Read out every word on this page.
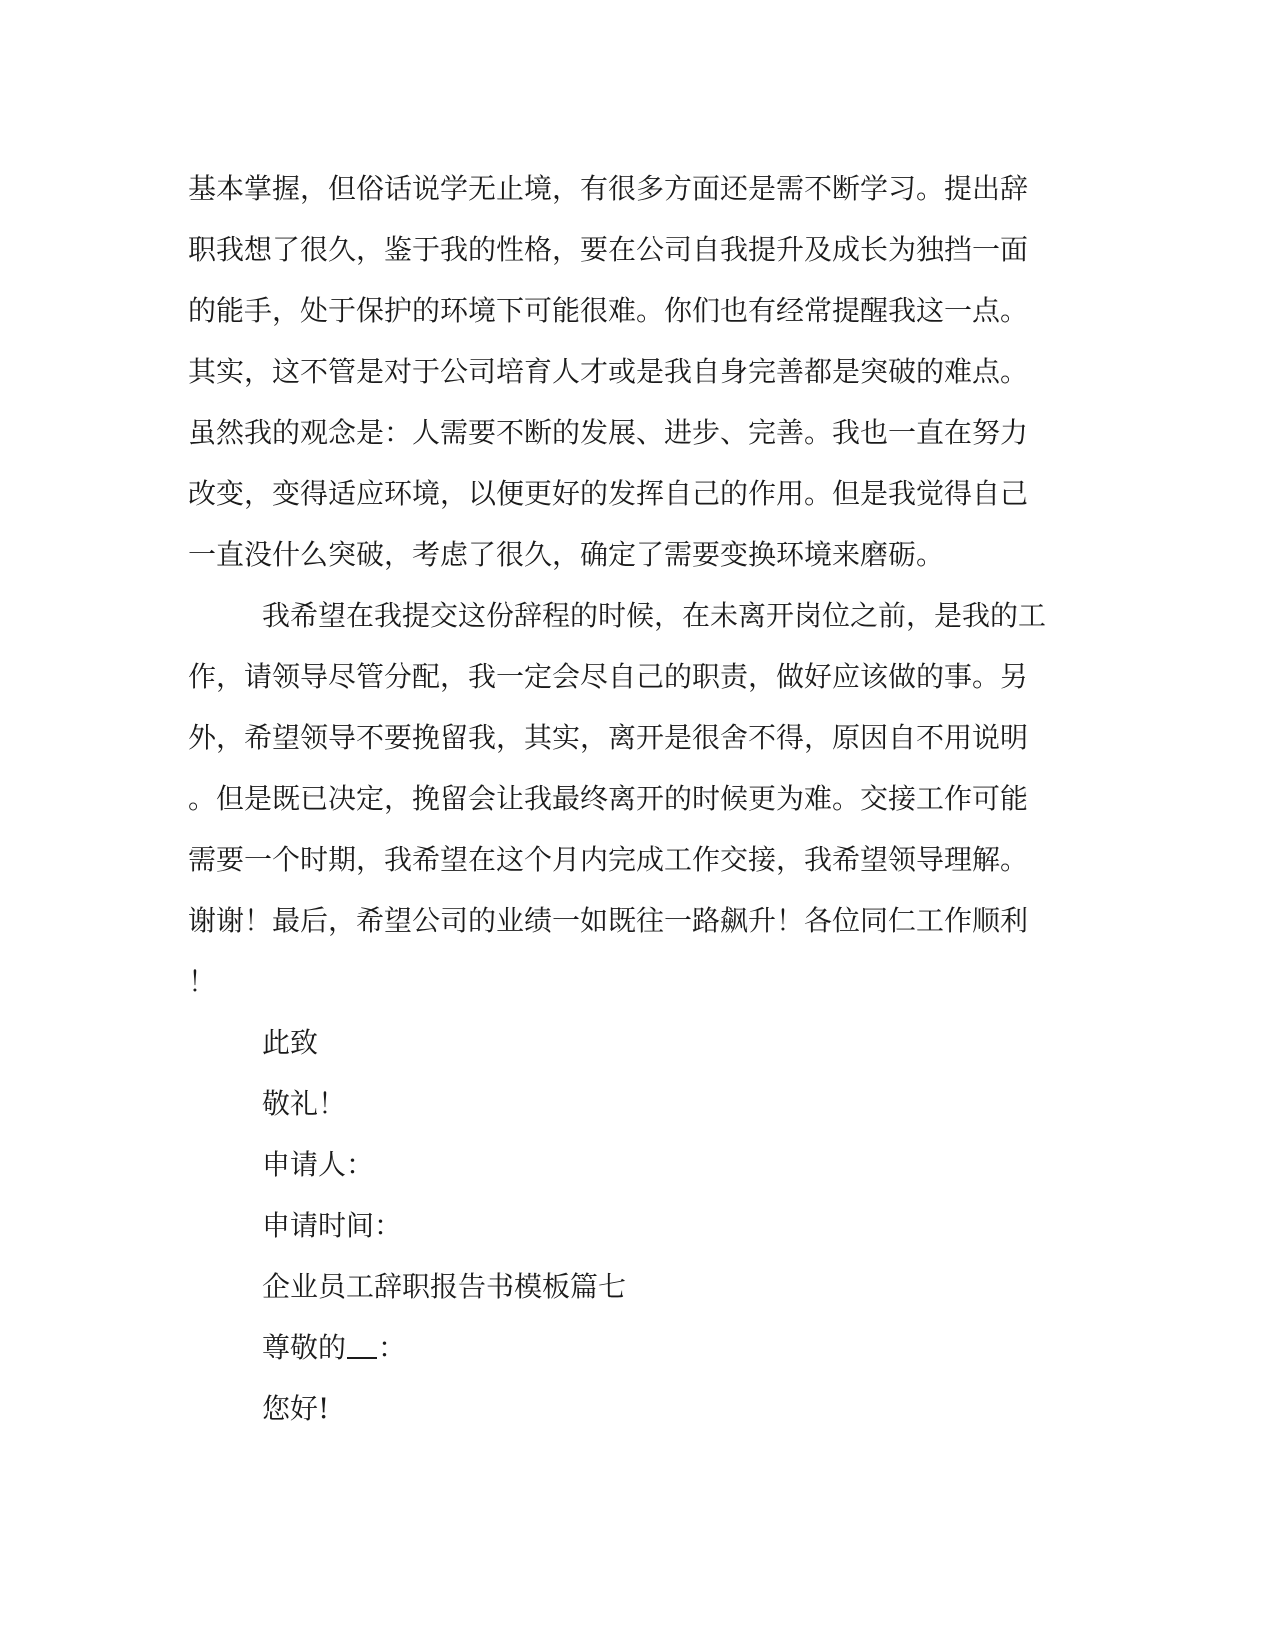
基本掌握，但俗话说学无止境，有很多方面还是需不断学习。提出辞
职我想了很久，鉴于我的性格，要在公司自我提升及成长为独挡一面
的能手，处于保护的环境下可能很难。你们也有经常提醒我这一点。
其实，这不管是对于公司培育人才或是我自身完善都是突破的难点。
虽然我的观念是：人需要不断的发展、进步、完善。我也一直在努力
改变，变得适应环境，以便更好的发挥自己的作用。但是我觉得自己
一直没什么突破，考虑了很久，确定了需要变换环境来磨砺。
我希望在我提交这份辞程的时候，在未离开岗位之前，是我的工
作，请领导尽管分配，我一定会尽自己的职责，做好应该做的事。另
外，希望领导不要挽留我，其实，离开是很舍不得，原因自不用说明
。但是既已决定，挽留会让我最终离开的时候更为难。交接工作可能
需要一个时期，我希望在这个月内完成工作交接，我希望领导理解。
谢谢！最后，希望公司的业绩一如既往一路飙升！各位同仁工作顺利
！
此致
敬礼！
申请人：
申请时间：
企业员工辞职报告书模板篇七
尊敬的 ：
您好!
